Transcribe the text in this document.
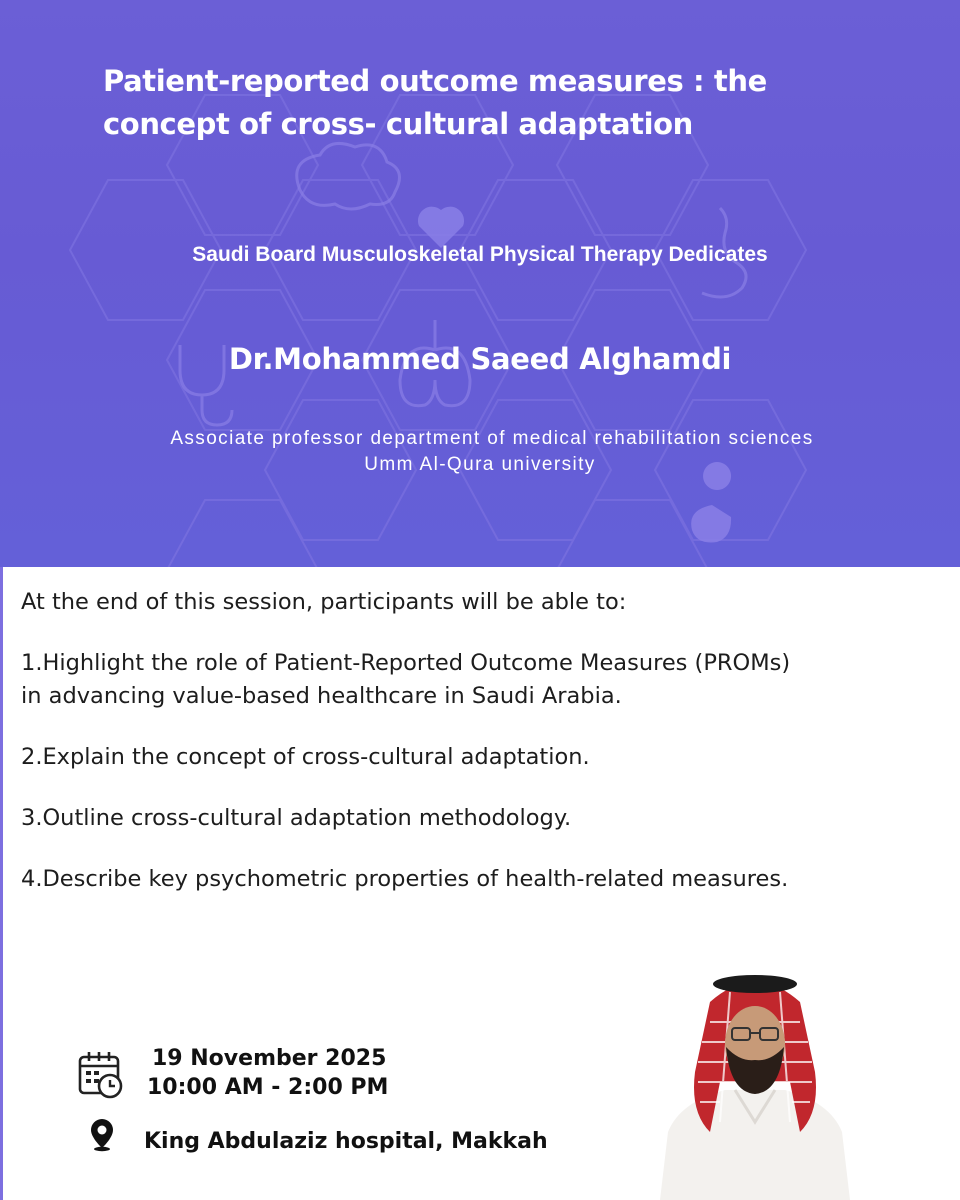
Patient-reported outcome measures : the
concept of cross- cultural adaptation
Saudi Board Musculoskeletal Physical Therapy Dedicates
Dr.Mohammed Saeed Alghamdi
Associate professor department of medical rehabilitation sciences
Umm Al-Qura university

At the end of this session, participants will be able to:

1.Highlight the role of Patient-Reported Outcome Measures (PROMs)
in advancing value-based healthcare in Saudi Arabia.

2.Explain the concept of cross-cultural adaptation.

3.Outline cross-cultural adaptation methodology.

4.Describe key psychometric properties of health-related measures.

19 November 2025
10:00 AM - 2:00 PM
King Abdulaziz hospital, Makkah
